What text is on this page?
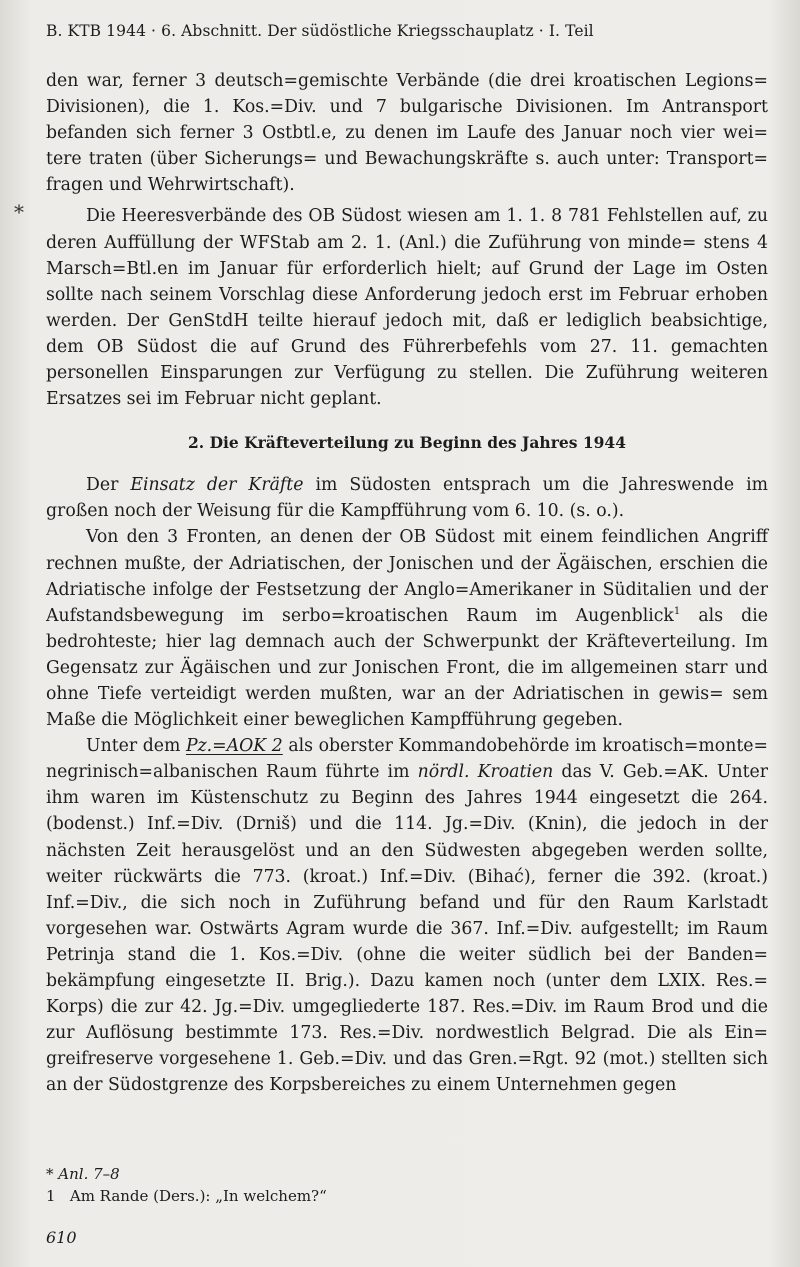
B. KTB 1944 · 6. Abschnitt. Der südöstliche Kriegsschauplatz · I. Teil
*

den war, ferner 3 deutsch=gemischte Verbände (die drei kroatischen Legions= Divisionen), die 1. Kos.=Div. und 7 bulgarische Divisionen. Im Antransport befanden sich ferner 3 Ostbtl.e, zu denen im Laufe des Januar noch vier wei= tere traten (über Sicherungs= und Bewachungskräfte s. auch unter: Transport= fragen und Wehrwirtschaft).

Die Heeresverbände des OB Südost wiesen am 1. 1. 8 781 Fehlstellen auf, zu deren Auffüllung der WFStab am 2. 1. (Anl.) die Zuführung von minde= stens 4 Marsch=Btl.en im Januar für erforderlich hielt; auf Grund der Lage im Osten sollte nach seinem Vorschlag diese Anforderung jedoch erst im Februar erhoben werden. Der GenStdH teilte hierauf jedoch mit, daß er lediglich beabsichtige, dem OB Südost die auf Grund des Führerbefehls vom 27. 11. gemachten personellen Einsparungen zur Verfügung zu stellen. Die Zuführung weiteren Ersatzes sei im Februar nicht geplant.

2. Die Kräfteverteilung zu Beginn des Jahres 1944

Der Einsatz der Kräfte im Südosten entsprach um die Jahreswende im großen noch der Weisung für die Kampfführung vom 6. 10. (s. o.).

Von den 3 Fronten, an denen der OB Südost mit einem feindlichen Angriff rechnen mußte, der Adriatischen, der Jonischen und der Ägäischen, erschien die Adriatische infolge der Festsetzung der Anglo=Amerikaner in Süditalien und der Aufstandsbewegung im serbo=kroatischen Raum im Augenblick$^1$ als die bedrohteste; hier lag demnach auch der Schwerpunkt der Kräfteverteilung. Im Gegensatz zur Ägäischen und zur Jonischen Front, die im allgemeinen starr und ohne Tiefe verteidigt werden mußten, war an der Adriatischen in gewis= sem Maße die Möglichkeit einer beweglichen Kampfführung gegeben.

Unter dem Pz.=AOK 2 als oberster Kommandobehörde im kroatisch=monte= negrinisch=albanischen Raum führte im nördl. Kroatien das V. Geb.=AK. Unter ihm waren im Küstenschutz zu Beginn des Jahres 1944 eingesetzt die 264. (bodenst.) Inf.=Div. (Drniš) und die 114. Jg.=Div. (Knin), die jedoch in der nächsten Zeit herausgelöst und an den Südwesten abgegeben werden sollte, weiter rückwärts die 773. (kroat.) Inf.=Div. (Bihać), ferner die 392. (kroat.) Inf.=Div., die sich noch in Zuführung befand und für den Raum Karlstadt vorgesehen war. Ostwärts Agram wurde die 367. Inf.=Div. aufgestellt; im Raum Petrinja stand die 1. Kos.=Div. (ohne die weiter südlich bei der Banden= bekämpfung eingesetzte II. Brig.). Dazu kamen noch (unter dem LXIX. Res.= Korps) die zur 42. Jg.=Div. umgegliederte 187. Res.=Div. im Raum Brod und die zur Auflösung bestimmte 173. Res.=Div. nordwestlich Belgrad. Die als Ein= greifreserve vorgesehene 1. Geb.=Div. und das Gren.=Rgt. 92 (mot.) stellten sich an der Südostgrenze des Korpsbereiches zu einem Unternehmen gegen

* Anl. 7–8
1 Am Rande (Ders.): „In welchem?“
610
